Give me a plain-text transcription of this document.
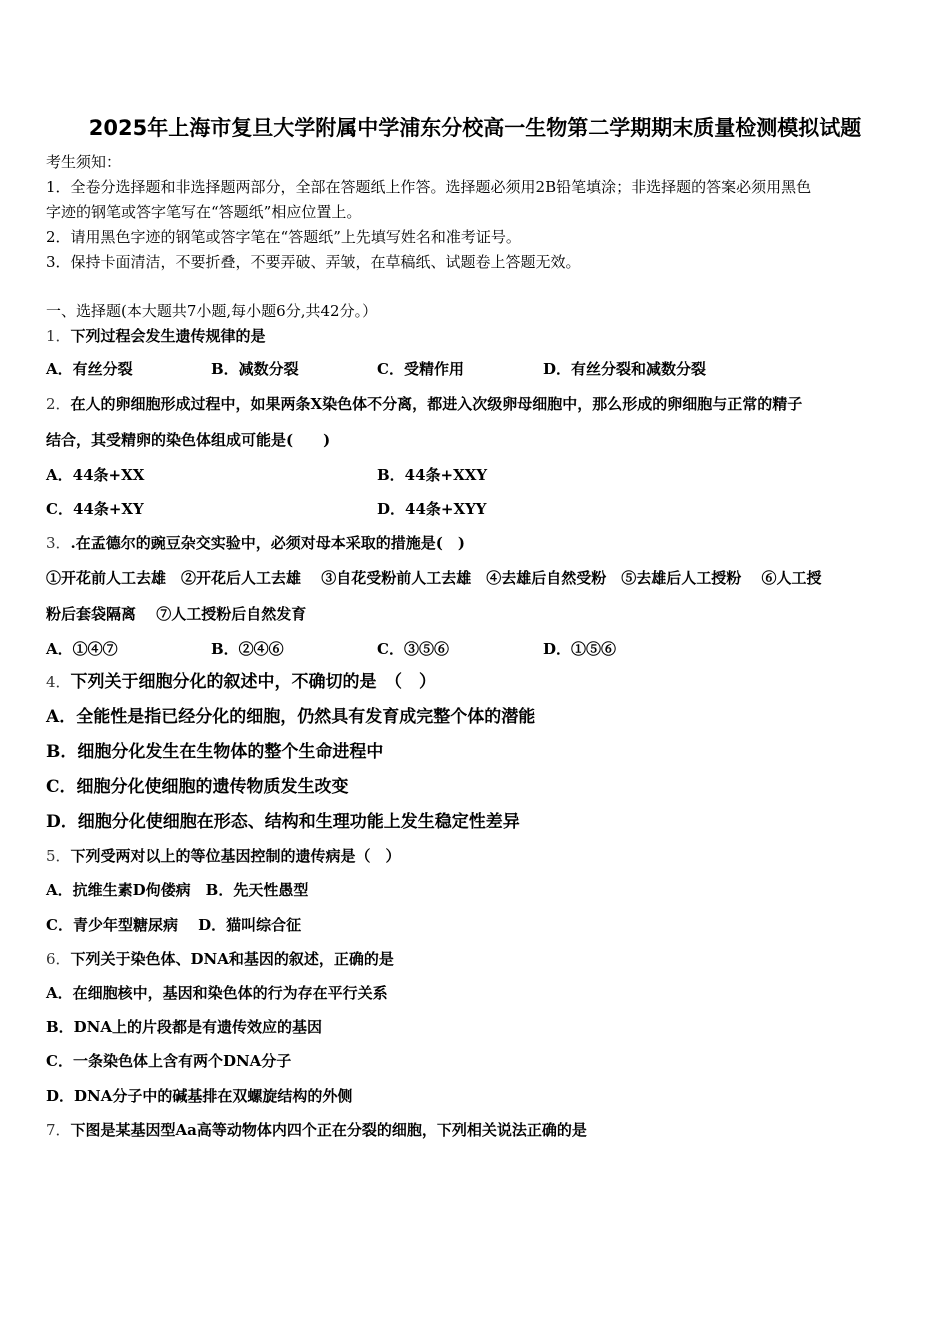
2025年上海市复旦大学附属中学浦东分校高一生物第二学期期末质量检测模拟试题
考生须知：
1．全卷分选择题和非选择题两部分，全部在答题纸上作答。选择题必须用2B铅笔填涂；非选择题的答案必须用黑色
字迹的钢笔或答字笔写在“答题纸”相应位置上。
2．请用黑色字迹的钢笔或答字笔在“答题纸”上先填写姓名和准考证号。
3．保持卡面清洁，不要折叠，不要弄破、弄皱，在草稿纸、试题卷上答题无效。
一、选择题(本大题共7小题,每小题6分,共42分。）
1．下列过程会发生遗传规律的是
A．有丝分裂	B．减数分裂	C．受精作用	D．有丝分裂和减数分裂
2．在人的卵细胞形成过程中，如果两条X染色体不分离，都进入次级卵母细胞中，那么形成的卵细胞与正常的精子
结合，其受精卵的染色体组成可能是(　　)
A．44条+XX	B．44条+XXY
C．44条+XY	D．44条+XYY
3．.在孟德尔的豌豆杂交实验中，必须对母本采取的措施是(　)
①开花前人工去雄　②开花后人工去雄　 ③自花受粉前人工去雄　④去雄后自然受粉　⑤去雄后人工授粉　 ⑥人工授
粉后套袋隔离　 ⑦人工授粉后自然发育
A．①④⑦	B．②④⑥	C．③⑤⑥	D．①⑤⑥
4．下列关于细胞分化的叙述中，不确切的是　（　）
A．全能性是指已经分化的细胞，仍然具有发育成完整个体的潜能
B．细胞分化发生在生物体的整个生命进程中
C．细胞分化使细胞的遗传物质发生改变
D．细胞分化使细胞在形态、结构和生理功能上发生稳定性差异
5．下列受两对以上的等位基因控制的遗传病是（　）
A．抗维生素D佝偻病　B．先天性愚型
C．青少年型糖尿病　 D．猫叫综合征
6．下列关于染色体、DNA和基因的叙述，正确的是
A．在细胞核中，基因和染色体的行为存在平行关系
B．DNA上的片段都是有遗传效应的基因
C．一条染色体上含有两个DNA分子
D．DNA分子中的碱基排在双螺旋结构的外侧
7．下图是某基因型Aa高等动物体内四个正在分裂的细胞，下列相关说法正确的是
